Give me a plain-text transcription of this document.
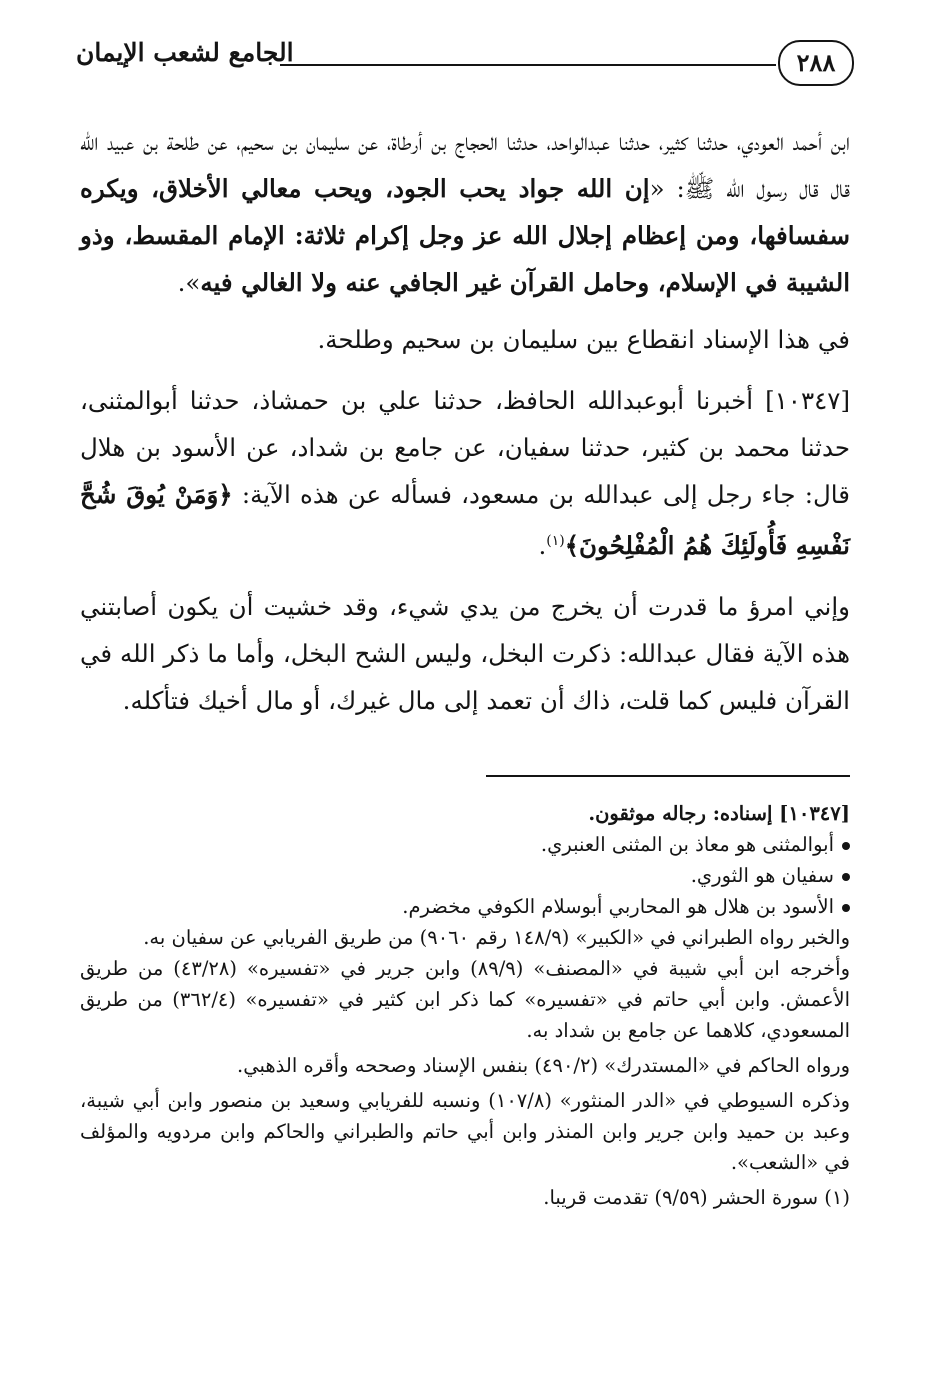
٢٨٨
الجامع لشعب الإيمان

ابن أحمد العودي، حدثنا كثير، حدثنا عبدالواحد، حدثنا الحجاج بن أرطاة، عن سليمان بن سحيم، عن طلحة بن عبيد الله قال قال رسول الله ﷺ: «إن الله جواد يحب الجود، ويحب معالي الأخلاق، ويكره سفسافها، ومن إعظام إجلال الله عز وجل إكرام ثلاثة: الإمام المقسط، وذو الشيبة في الإسلام، وحامل القرآن غير الجافي عنه ولا الغالي فيه».

في هذا الإسناد انقطاع بين سليمان بن سحيم وطلحة.

[١٠٣٤٧] أخبرنا أبوعبدالله الحافظ، حدثنا علي بن حمشاذ، حدثنا أبوالمثنى، حدثنا محمد بن كثير، حدثنا سفيان، عن جامع بن شداد، عن الأسود بن هلال قال: جاء رجل إلى عبدالله بن مسعود، فسأله عن هذه الآية: ﴿وَمَنْ يُوقَ شُحَّ نَفْسِهِ فَأُولَئِكَ هُمُ الْمُفْلِحُونَ﴾$^{(١)}$.

وإني امرؤ ما قدرت أن يخرج من يدي شيء، وقد خشيت أن يكون أصابتني هذه الآية فقال عبدالله: ذكرت البخل، وليس الشح البخل، وأما ما ذكر الله في القرآن فليس كما قلت، ذاك أن تعمد إلى مال غيرك، أو مال أخيك فتأكله.

[١٠٣٤٧] إسناده: رجاله موثقون.

أبوالمثنى هو معاذ بن المثنى العنبري.

سفيان هو الثوري.

الأسود بن هلال هو المحاربي أبوسلام الكوفي مخضرم.

والخبر رواه الطبراني في «الكبير» (١٤٨/٩ رقم ٩٠٦٠) من طريق الفريابي عن سفيان به.

وأخرجه ابن أبي شيبة في «المصنف» (٨٩/٩) وابن جرير في «تفسيره» (٤٣/٢٨) من طريق الأعمش. وابن أبي حاتم في «تفسيره» كما ذكر ابن كثير في «تفسيره» (٣٦٢/٤) من طريق المسعودي، كلاهما عن جامع بن شداد به.

ورواه الحاكم في «المستدرك» (٤٩٠/٢) بنفس الإسناد وصححه وأقره الذهبي.

وذكره السيوطي في «الدر المنثور» (١٠٧/٨) ونسبه للفريابي وسعيد بن منصور وابن أبي شيبة، وعبد بن حميد وابن جرير وابن المنذر وابن أبي حاتم والطبراني والحاكم وابن مردويه والمؤلف في «الشعب».

(١) سورة الحشر (٩/٥٩) تقدمت قريبا.
